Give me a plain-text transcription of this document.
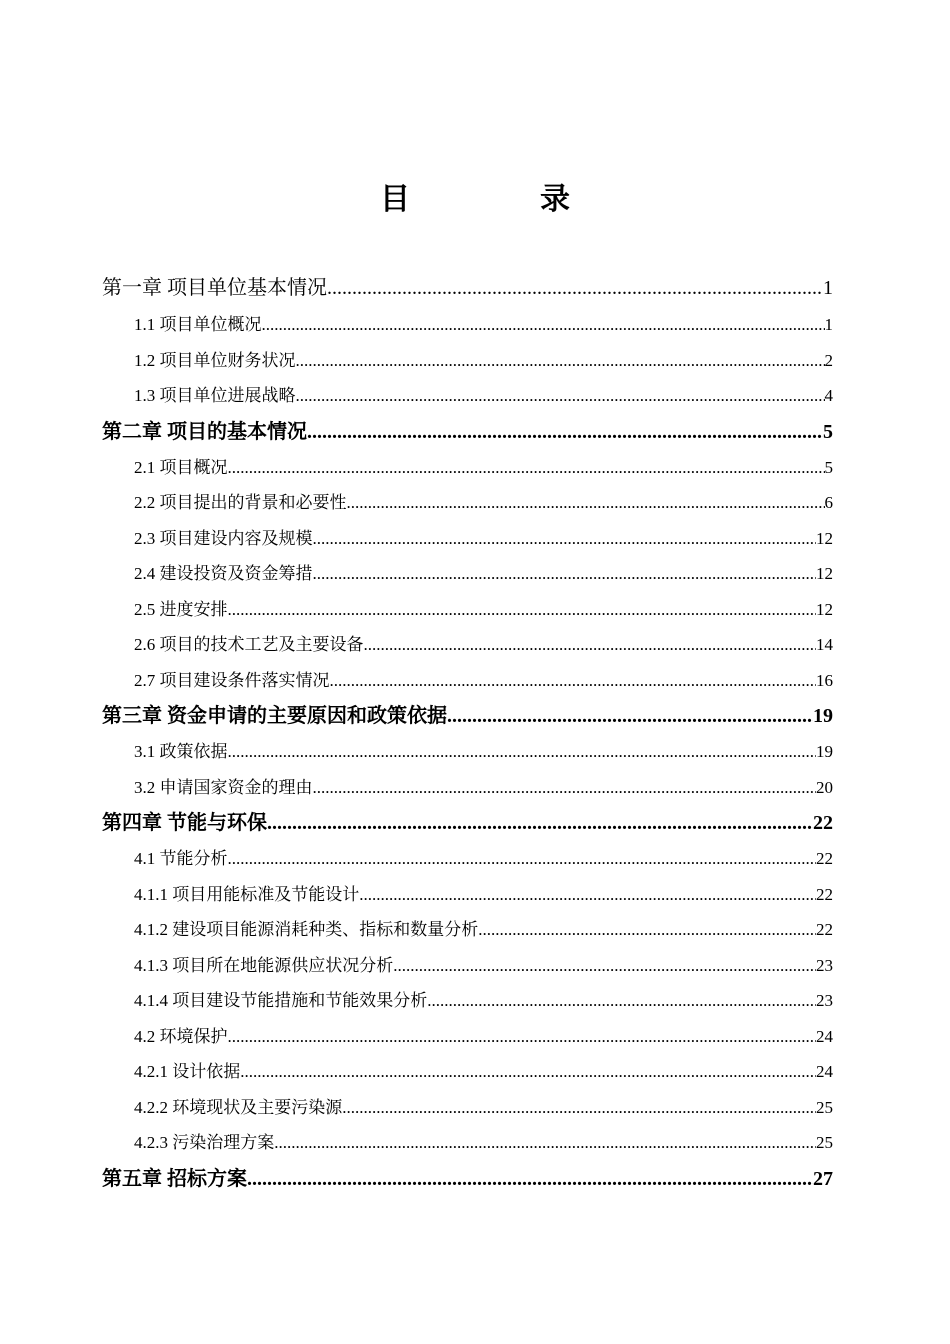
目　录
第一章 项目单位基本情况 .....	1
1.1 项目单位概况 .....	1
1.2 项目单位财务状况 .....	2
1.3 项目单位进展战略 .....	4
第二章 项目的基本情况 .....	5
2.1 项目概况 .....	5
2.2 项目提出的背景和必要性 .....	6
2.3 项目建设内容及规模 .....	12
2.4 建设投资及资金筹措 .....	12
2.5 进度安排 .....	12
2.6 项目的技术工艺及主要设备 .....	14
2.7 项目建设条件落实情况 .....	16
第三章 资金申请的主要原因和政策依据 .....	19
3.1 政策依据 .....	19
3.2 申请国家资金的理由 .....	20
第四章 节能与环保 .....	22
4.1 节能分析 .....	22
4.1.1 项目用能标准及节能设计 .....	22
4.1.2 建设项目能源消耗种类、指标和数量分析 .....	22
4.1.3 项目所在地能源供应状况分析 .....	23
4.1.4 项目建设节能措施和节能效果分析 .....	23
4.2 环境保护 .....	24
4.2.1 设计依据 .....	24
4.2.2 环境现状及主要污染源 .....	25
4.2.3 污染治理方案 .....	25
第五章 招标方案 .....	27
